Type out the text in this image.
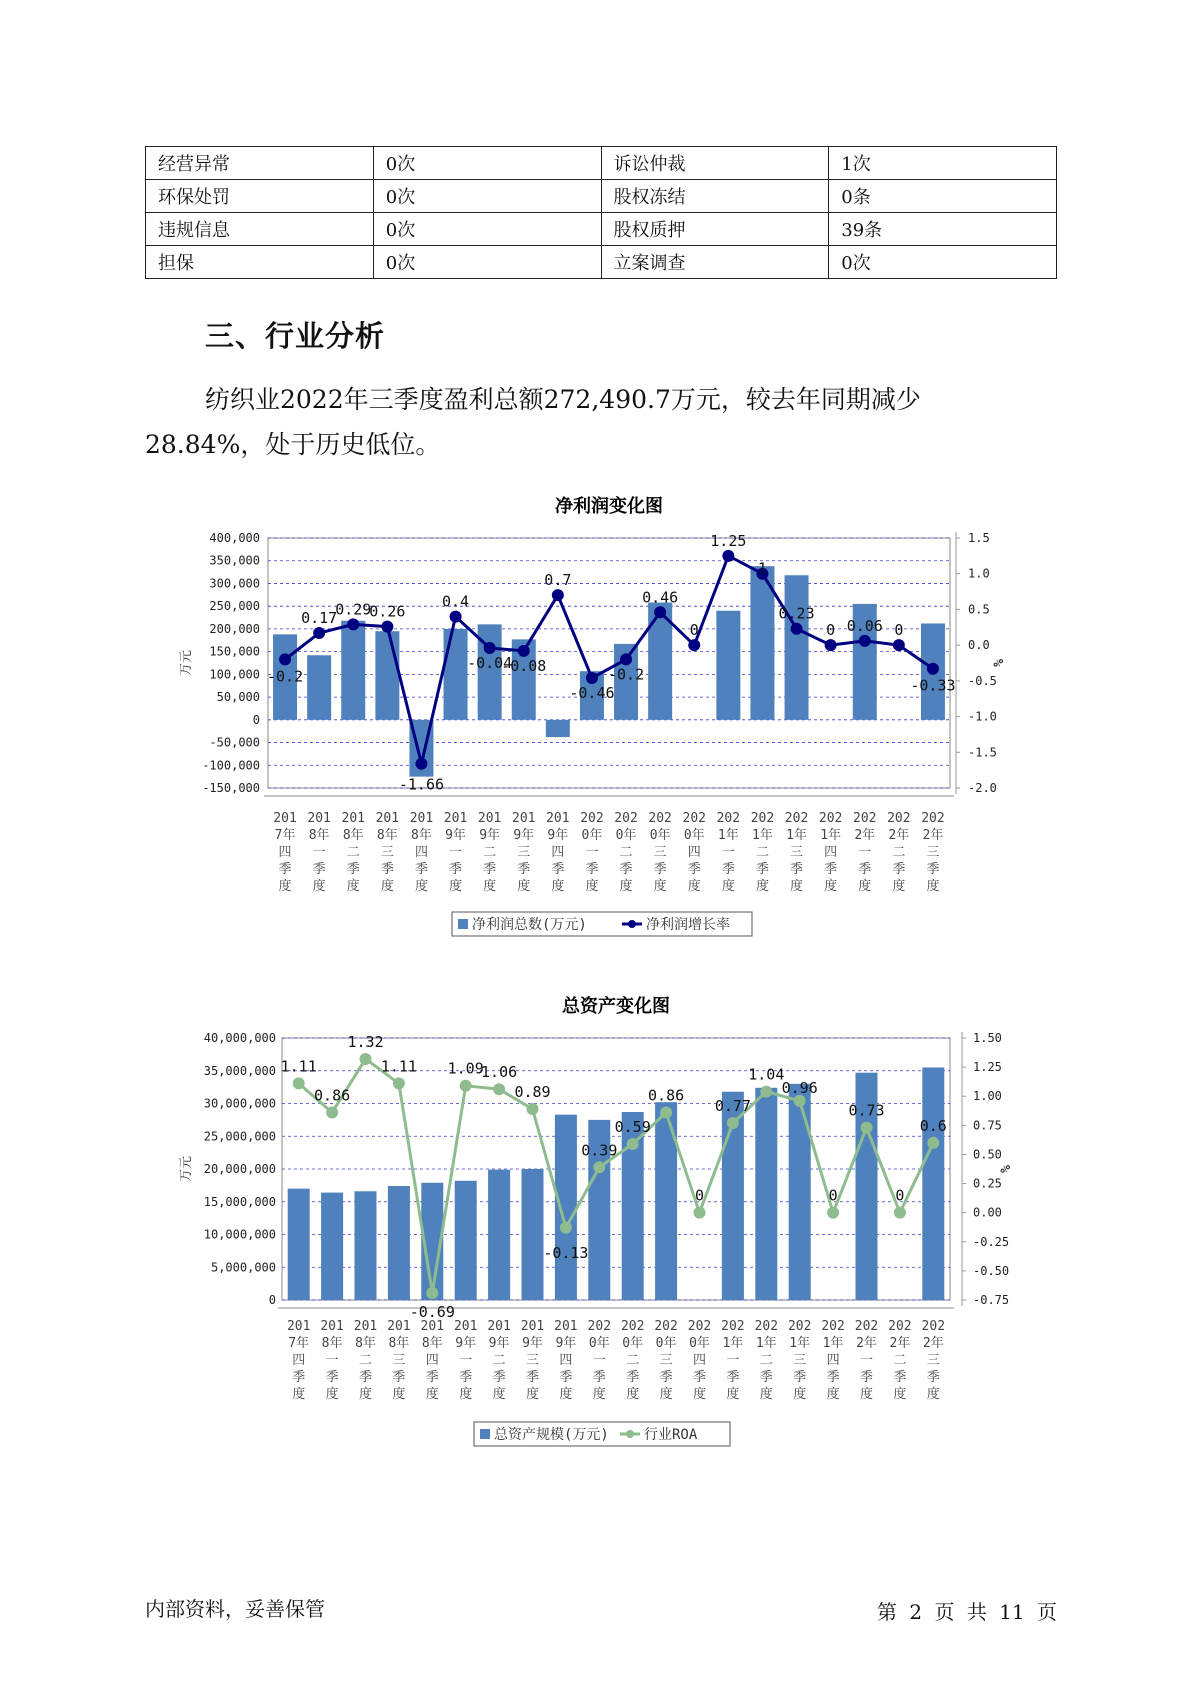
经营异常	0次	诉讼仲裁	1次
环保处罚	0次	股权冻结	0条
违规信息	0次	股权质押	39条
担保	0次	立案调查	0次
三、行业分析
纺织业2022年三季度盈利总额272,490.7万元，较去年同期减少
28.84%，处于历史低位。
净利润变化图
400,000
350,000
300,000
250,000
200,000
150,000
100,000
50,000
0
-50,000
-100,000
-150,000
1.5
1.0
0.5
0.0
-0.5
-1.0
-1.5
-2.0
万元	%
-0.2
0.17
0.29
0.26
-1.66
0.4
-0.04
-0.08
0.7
-0.46
-0.2
0.46
0
1.25
1
0.23
0 0.06 0
-0.33
201
7年
四
季
度
201
8年
一
季
度
201
8年
二
季
度
201
8年
三
季
度
201
8年
四
季
度
201
9年
一
季
度
201
9年
二
季
度
201
9年
三
季
度
201
9年
四
季
度
202
0年
一
季
度
202
0年
二
季
度
202
0年
三
季
度
202
0年
四
季
度
202
1年
一
季
度
202
1年
二
季
度
202
1年
三
季
度
202
1年
四
季
度
202
2年
一
季
度
202
2年
二
季
度
202
2年
三
季
度
净利润总数(万元)	净利润增长率
总资产变化图
40,000,000
35,000,000
30,000,000
25,000,000
20,000,000
15,000,000
10,000,000
5,000,000
0
1.50
1.25
1.00
0.75
0.50
0.25
0.00
-0.25
-0.50
-0.75
万元	%
1.11
0.86
1.32
1.11
-0.69
1.09
1.06
0.89
-0.13
0.39
0.59
0.86
0
0.77
1.04
0.96
0
0.73
0
0.6
201
7年
四
季
度
201
8年
一
季
度
201
8年
二
季
度
201
8年
三
季
度
201
8年
四
季
度
201
9年
一
季
度
201
9年
二
季
度
201
9年
三
季
度
201
9年
四
季
度
202
0年
一
季
度
202
0年
二
季
度
202
0年
三
季
度
202
0年
四
季
度
202
1年
一
季
度
202
1年
二
季
度
202
1年
三
季
度
202
1年
四
季
度
202
2年
一
季
度
202
2年
二
季
度
202
2年
三
季
度
总资产规模(万元)	行业ROA
内部资料，妥善保管	第 2 页 共 11 页
